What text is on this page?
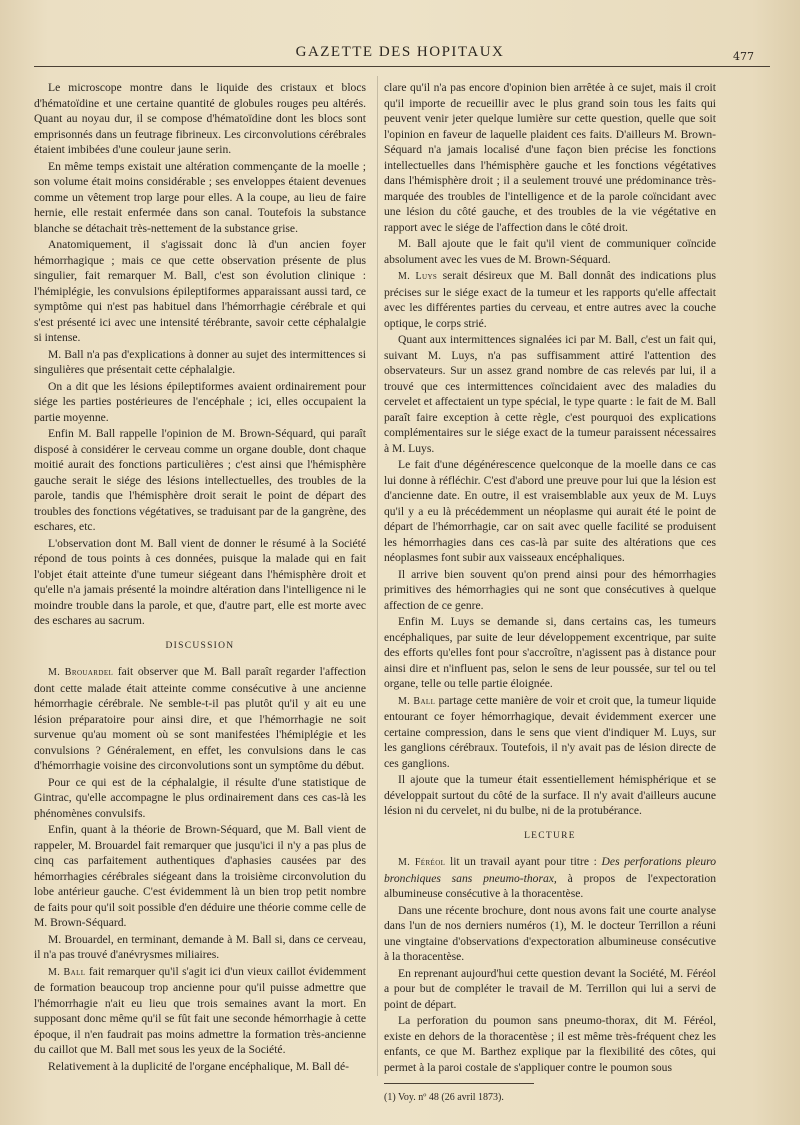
GAZETTE DES HOPITAUX	477

Le microscope montre dans le liquide des cristaux et blocs d'hématoïdine et une certaine quantité de globules rouges peu altérés. Quant au noyau dur, il se compose d'hématoïdine dont les blocs sont emprisonnés dans un feutrage fibrineux. Les circonvolutions cérébrales étaient imbibées d'une couleur jaune serin.

En même temps existait une altération commençante de la moelle ; son volume était moins considérable ; ses enveloppes étaient devenues comme un vêtement trop large pour elles. A la coupe, au lieu de faire hernie, elle restait enfermée dans son canal. Toutefois la substance blanche se détachait très-nettement de la substance grise.

Anatomiquement, il s'agissait donc là d'un ancien foyer hémorrhagique ; mais ce que cette observation présente de plus singulier, fait remarquer M. Ball, c'est son évolution clinique : l'hémiplégie, les convulsions épileptiformes apparaissant aussi tard, ce symptôme qui n'est pas habituel dans l'hémorrhagie cérébrale et qui s'est présenté ici avec une intensité térébrante, savoir cette céphalalgie si intense.

M. Ball n'a pas d'explications à donner au sujet des intermittences si singulières que présentait cette céphalalgie.

On a dit que les lésions épileptiformes avaient ordinairement pour siége les parties postérieures de l'encéphale ; ici, elles occupaient la partie moyenne.

Enfin M. Ball rappelle l'opinion de M. Brown-Séquard, qui paraît disposé à considérer le cerveau comme un organe double, dont chaque moitié aurait des fonctions particulières ; c'est ainsi que l'hémisphère gauche serait le siége des lésions intellectuelles, des troubles de la parole, tandis que l'hémisphère droit serait le point de départ des troubles des fonctions végétatives, se traduisant par de la gangrène, des eschares, etc.

L'observation dont M. Ball vient de donner le résumé à la Société répond de tous points à ces données, puisque la malade qui en fait l'objet était atteinte d'une tumeur siégeant dans l'hémisphère droit et qu'elle n'a jamais présenté la moindre altération dans l'intelligence ni le moindre trouble dans la parole, et que, d'autre part, elle est morte avec des eschares au sacrum.

DISCUSSION

M. Brouardel fait observer que M. Ball paraît regarder l'affection dont cette malade était atteinte comme consécutive à une ancienne hémorrhagie cérébrale. Ne semble-t-il pas plutôt qu'il y ait eu une lésion préparatoire pour ainsi dire, et que l'hémorrhagie ne soit survenue qu'au moment où se sont manifestées l'hémiplégie et les convulsions ? Généralement, en effet, les convulsions dans le cas d'hémorrhagie voisine des circonvolutions sont un symptôme du début.

Pour ce qui est de la céphalalgie, il résulte d'une statistique de Gintrac, qu'elle accompagne le plus ordinairement dans ces cas-là les phénomènes convulsifs.

Enfin, quant à la théorie de Brown-Séquard, que M. Ball vient de rappeler, M. Brouardel fait remarquer que jusqu'ici il n'y a pas plus de cinq cas parfaitement authentiques d'aphasies causées par des hémorrhagies cérébrales siégeant dans la troisième circonvolution du lobe antérieur gauche. C'est évidemment là un bien trop petit nombre de faits pour qu'il soit possible d'en déduire une théorie comme celle de M. Brown-Séquard.

M. Brouardel, en terminant, demande à M. Ball si, dans ce cerveau, il n'a pas trouvé d'anévrysmes miliaires.

M. Ball fait remarquer qu'il s'agit ici d'un vieux caillot évidemment de formation beaucoup trop ancienne pour qu'il puisse admettre que l'hémorrhagie n'ait eu lieu que trois semaines avant la mort. En supposant donc même qu'il se fût fait une seconde hémorrhagie à cette époque, il n'en faudrait pas moins admettre la formation très-ancienne du caillot que M. Ball met sous les yeux de la Société.

Relativement à la duplicité de l'organe encéphalique, M. Ball dé-

clare qu'il n'a pas encore d'opinion bien arrêtée à ce sujet, mais il croit qu'il importe de recueillir avec le plus grand soin tous les faits qui peuvent venir jeter quelque lumière sur cette question, quelle que soit l'opinion en faveur de laquelle plaident ces faits. D'ailleurs M. Brown-Séquard n'a jamais localisé d'une façon bien précise les fonctions intellectuelles dans l'hémisphère gauche et les fonctions végétatives dans l'hémisphère droit ; il a seulement trouvé une prédominance très-marquée des troubles de l'intelligence et de la parole coïncidant avec une lésion du côté gauche, et des troubles de la vie végétative en rapport avec le siége de l'affection dans le côté droit.

M. Ball ajoute que le fait qu'il vient de communiquer coïncide absolument avec les vues de M. Brown-Séquard.

M. Luys serait désireux que M. Ball donnât des indications plus précises sur le siége exact de la tumeur et les rapports qu'elle affectait avec les différentes parties du cerveau, et entre autres avec la couche optique, le corps strié.

Quant aux intermittences signalées ici par M. Ball, c'est un fait qui, suivant M. Luys, n'a pas suffisamment attiré l'attention des observateurs. Sur un assez grand nombre de cas relevés par lui, il a trouvé que ces intermittences coïncidaient avec des maladies du cervelet et affectaient un type spécial, le type quarte : le fait de M. Ball paraît faire exception à cette règle, c'est pourquoi des explications complémentaires sur le siége exact de la tumeur paraissent nécessaires à M. Luys.

Le fait d'une dégénérescence quelconque de la moelle dans ce cas lui donne à réfléchir. C'est d'abord une preuve pour lui que la lésion est d'ancienne date. En outre, il est vraisemblable aux yeux de M. Luys qu'il y a eu là précédemment un néoplasme qui aurait été le point de départ de l'hémorrhagie, car on sait avec quelle facilité se produisent les hémorrhagies dans ces cas-là par suite des altérations que ces néoplasmes font subir aux vaisseaux encéphaliques.

Il arrive bien souvent qu'on prend ainsi pour des hémorrhagies primitives des hémorrhagies qui ne sont que consécutives à quelque affection de ce genre.

Enfin M. Luys se demande si, dans certains cas, les tumeurs encéphaliques, par suite de leur développement excentrique, par suite des efforts qu'elles font pour s'accroître, n'agissent pas à distance pour ainsi dire et n'influent pas, selon le sens de leur poussée, sur tel ou tel organe, telle ou telle partie éloignée.

M. Ball partage cette manière de voir et croit que, la tumeur liquide entourant ce foyer hémorrhagique, devait évidemment exercer une certaine compression, dans le sens que vient d'indiquer M. Luys, sur les ganglions cérébraux. Toutefois, il n'y avait pas de lésion directe de ces ganglions.

Il ajoute que la tumeur était essentiellement hémisphérique et se développait surtout du côté de la surface. Il n'y avait d'ailleurs aucune lésion ni du cervelet, ni du bulbe, ni de la protubérance.

LECTURE

M. Féréol lit un travail ayant pour titre : Des perforations pleuro bronchiques sans pneumo-thorax, à propos de l'expectoration albumineuse consécutive à la thoracentèse.

Dans une récente brochure, dont nous avons fait une courte analyse dans l'un de nos derniers numéros (1), M. le docteur Terrillon a réuni une vingtaine d'observations d'expectoration albumineuse consécutive à la thoracentèse.

En reprenant aujourd'hui cette question devant la Société, M. Féréol a pour but de compléter le travail de M. Terrillon qui lui a servi de point de départ.

La perforation du poumon sans pneumo-thorax, dit M. Féréol, existe en dehors de la thoracentèse ; il est même très-fréquent chez les enfants, ce que M. Barthez explique par la flexibilité des côtes, qui permet à la paroi costale de s'appliquer contre le poumon sous

(1) Voy. nº 48 (26 avril 1873).
